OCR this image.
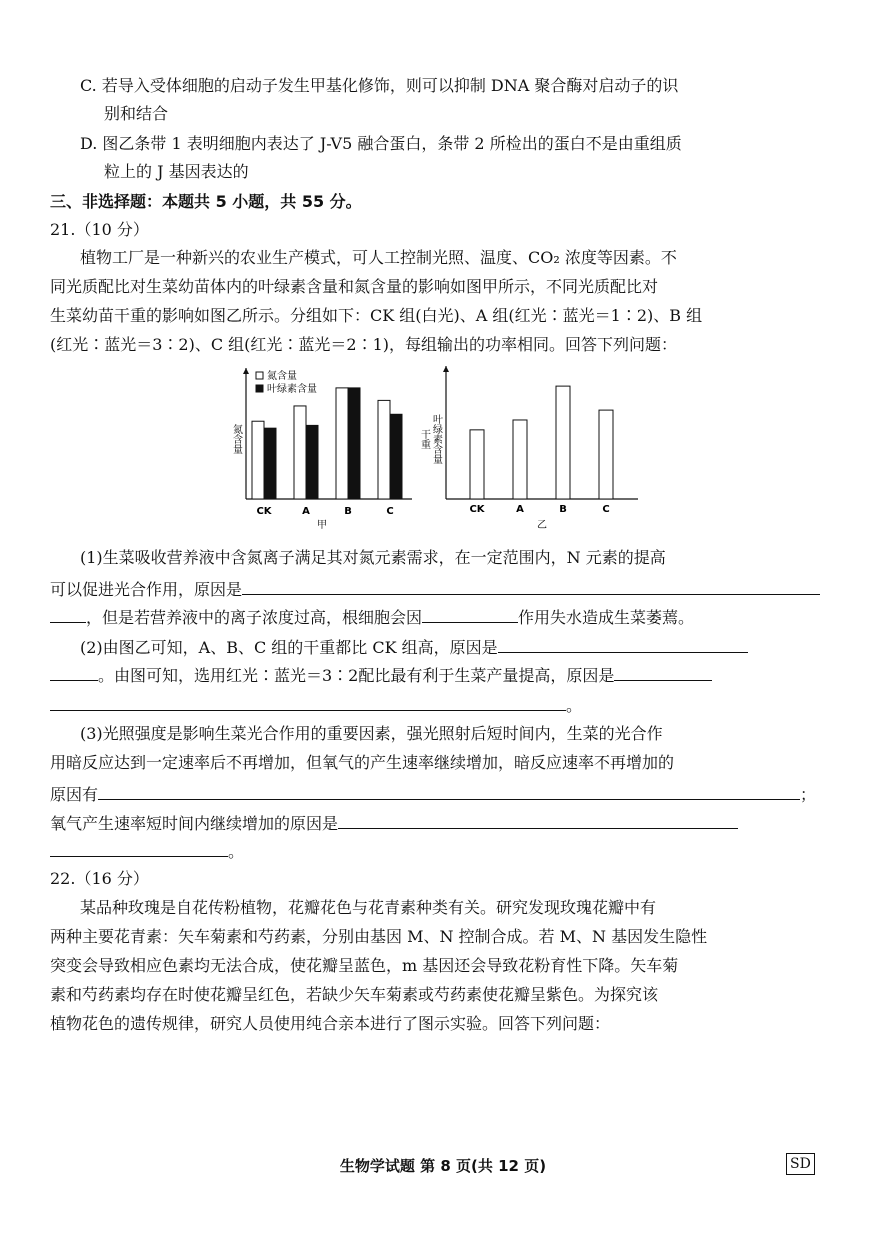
C. 若导入受体细胞的启动子发生甲基化修饰，则可以抑制 DNA 聚合酶对启动子的识
别和结合
D. 图乙条带 1 表明细胞内表达了 J-V5 融合蛋白，条带 2 所检出的蛋白不是由重组质
粒上的 J 基因表达的
三、非选择题：本题共 5 小题，共 55 分。
21.（10 分）
植物工厂是一种新兴的农业生产模式，可人工控制光照、温度、CO₂ 浓度等因素。不
同光质配比对生菜幼苗体内的叶绿素含量和氮含量的影响如图甲所示，不同光质配比对
生菜幼苗干重的影响如图乙所示。分组如下：CK 组(白光)、A 组(红光∶蓝光＝1∶2)、B 组
(红光∶蓝光＝3∶2)、C 组(红光∶蓝光＝2∶1)，每组输出的功率相同。回答下列问题：
氮含量
CK	A	B	C
氮含量
叶绿素含量
甲
叶绿素含量
干重
CK	A	B	C
乙
(1)生菜吸收营养液中含氮离子满足其对氮元素需求，在一定范围内，N 元素的提高
可以促进光合作用，原因是
，但是若营养液中的离子浓度过高，根细胞会因	作用失水造成生菜萎蔫。
(2)由图乙可知，A、B、C 组的干重都比 CK 组高，原因是
。由图可知，选用红光∶蓝光＝3∶2配比最有利于生菜产量提高，原因是
。
(3)光照强度是影响生菜光合作用的重要因素，强光照射后短时间内，生菜的光合作
用暗反应达到一定速率后不再增加，但氧气的产生速率继续增加，暗反应速率不再增加的
原因有	；
氧气产生速率短时间内继续增加的原因是
。
22.（16 分）
某品种玫瑰是自花传粉植物，花瓣花色与花青素种类有关。研究发现玫瑰花瓣中有
两种主要花青素：矢车菊素和芍药素，分别由基因 M、N 控制合成。若 M、N 基因发生隐性
突变会导致相应色素均无法合成，使花瓣呈蓝色，m 基因还会导致花粉育性下降。矢车菊
素和芍药素均存在时使花瓣呈红色，若缺少矢车菊素或芍药素使花瓣呈紫色。为探究该
植物花色的遗传规律，研究人员使用纯合亲本进行了图示实验。回答下列问题：
生物学试题 第 8 页(共 12 页)	SD
